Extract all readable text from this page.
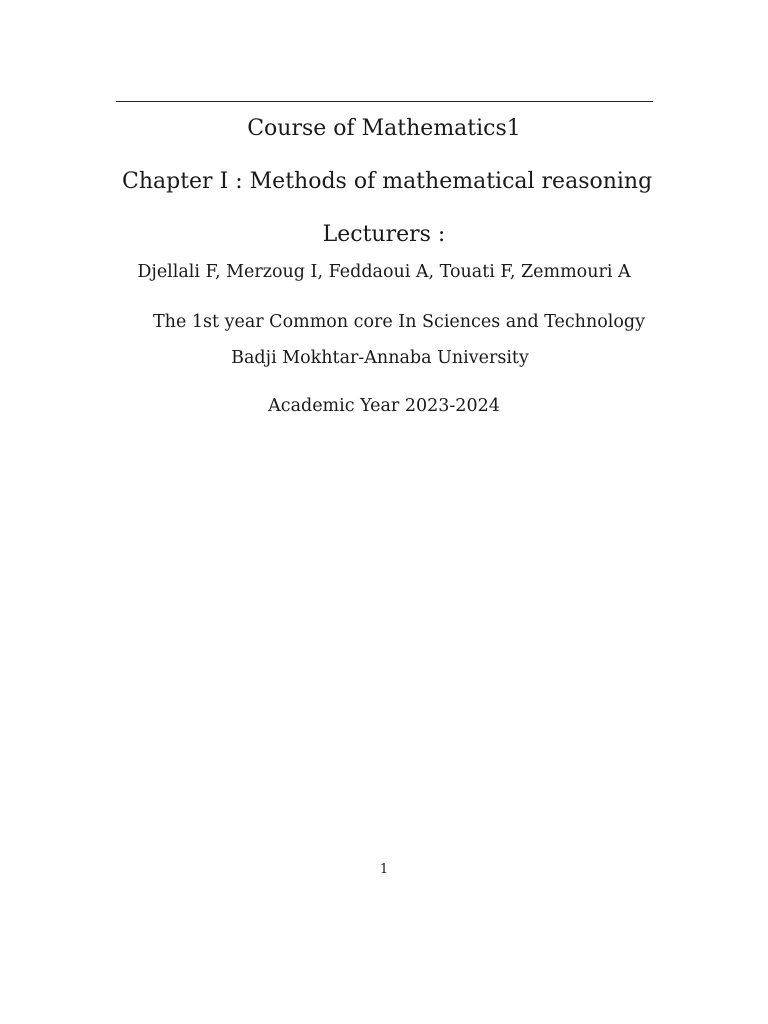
Course of Mathematics1
Chapter I : Methods of mathematical reasoning
Lecturers :
Djellali F, Merzoug I, Feddaoui A, Touati F, Zemmouri A
The 1st year Common core In Sciences and Technology
Badji Mokhtar-Annaba University
Academic Year 2023-2024
1
